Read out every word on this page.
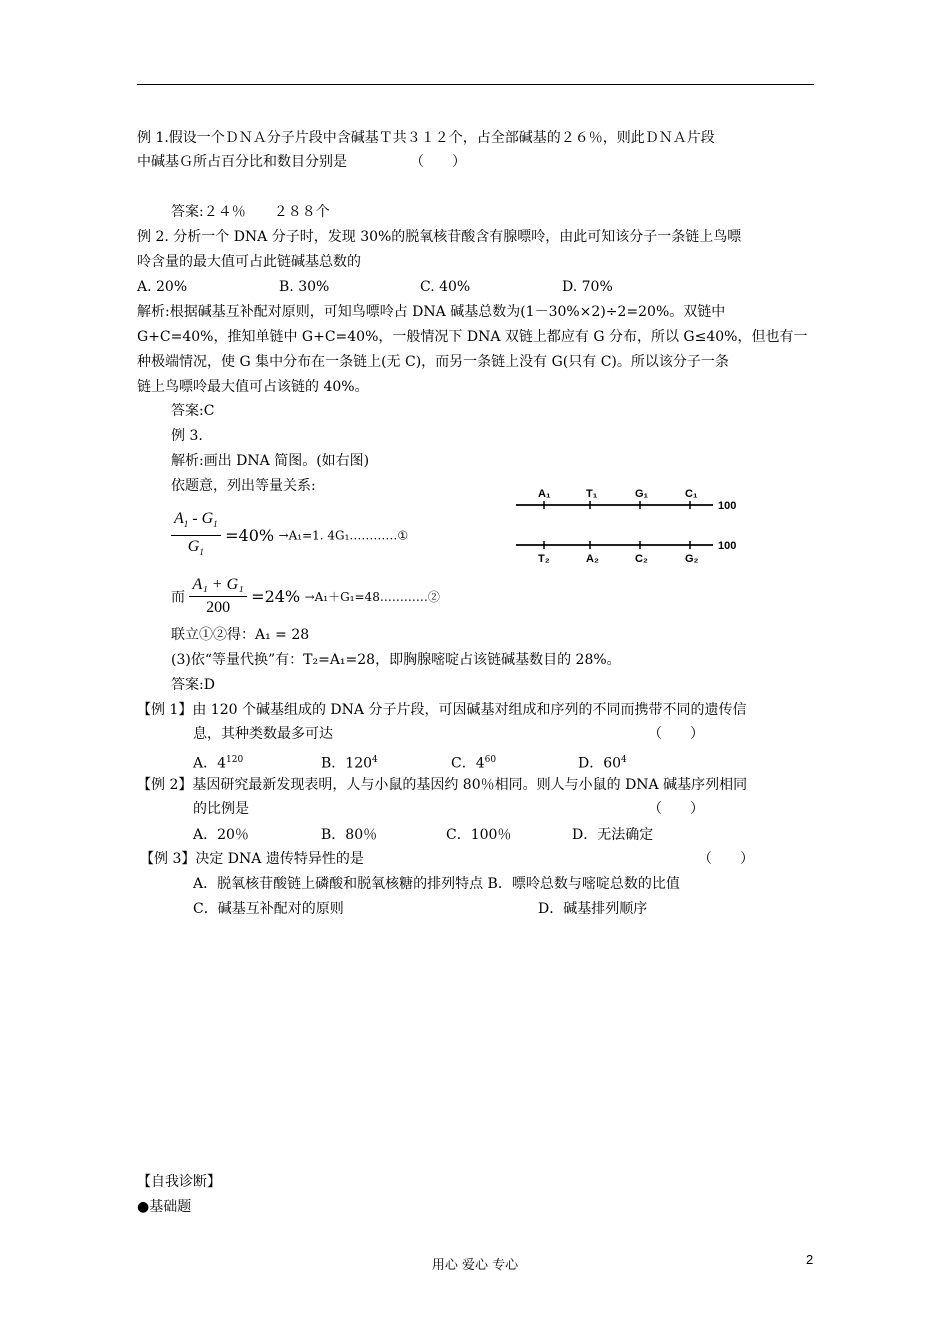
例 1.假设一个ＤＮＡ分子片段中含碱基Ｔ共３１２个，占全部碱基的２６％，则此ＤＮＡ片段
中碱基Ｇ所占百分比和数目分别是　　　　　（　　）
答案:２４％　　２８８个
例 2. 分析一个 DNA 分子时，发现 30%的脱氧核苷酸含有腺嘌呤，由此可知该分子一条链上鸟嘌
呤含量的最大值可占此链碱基总数的
A. 20%	B. 30%	C. 40%	D. 70%
解析:根据碱基互补配对原则，可知鸟嘌呤占 DNA 碱基总数为(1－30%×2)÷2=20%。双链中
G+C=40%，推知单链中 G+C=40%，一般情况下 DNA 双链上都应有 G 分布，所以 G≤40%，但也有一
种极端情况，使 G 集中分布在一条链上(无 C)，而另一条链上没有 G(只有 C)。所以该分子一条
链上鸟嘌呤最大值可占该链的 40%。
答案:C
例 3.
解析:画出 DNA 简图。(如右图)
依题意，列出等量关系:
$\frac{A_1 - G_1}{G_1} =40\% \to A_1=1$. 4G₁…………①
而 $\frac{\text{A₁ + G₁}}{200} =24\%$ →A₁＋G₁=48…………②
联立①②得：A₁ = 28
(3)依“等量代换”有：T₂=A₁=28，即胸腺嘧啶占该链碱基数目的 28%。
答案:D
A₁	T₁	G₁	C₁
T₂	A₂	C₂	G₂
100
100
【例 1】由 120 个碱基组成的 DNA 分子片段，可因碱基对组成和序列的不同而携带不同的遗传信
息，其种类数最多可达	（　　）
A．$4^{120}$	B．$120^4$	C．$4^{60}$	D．$60^4$
【例 2】基因研究最新发现表明，人与小鼠的基因约 80％相同。则人与小鼠的 DNA 碱基序列相同
的比例是	（　　）
A．20％	B．80％	C．100％	D．无法确定
【例 3】决定 DNA 遗传特异性的是	（　　）
A．脱氧核苷酸链上磷酸和脱氧核糖的排列特点 B．嘌呤总数与嘧啶总数的比值
C．碱基互补配对的原则	D．碱基排列顺序
【自我诊断】
●基础题
用心 爱心 专心	2
